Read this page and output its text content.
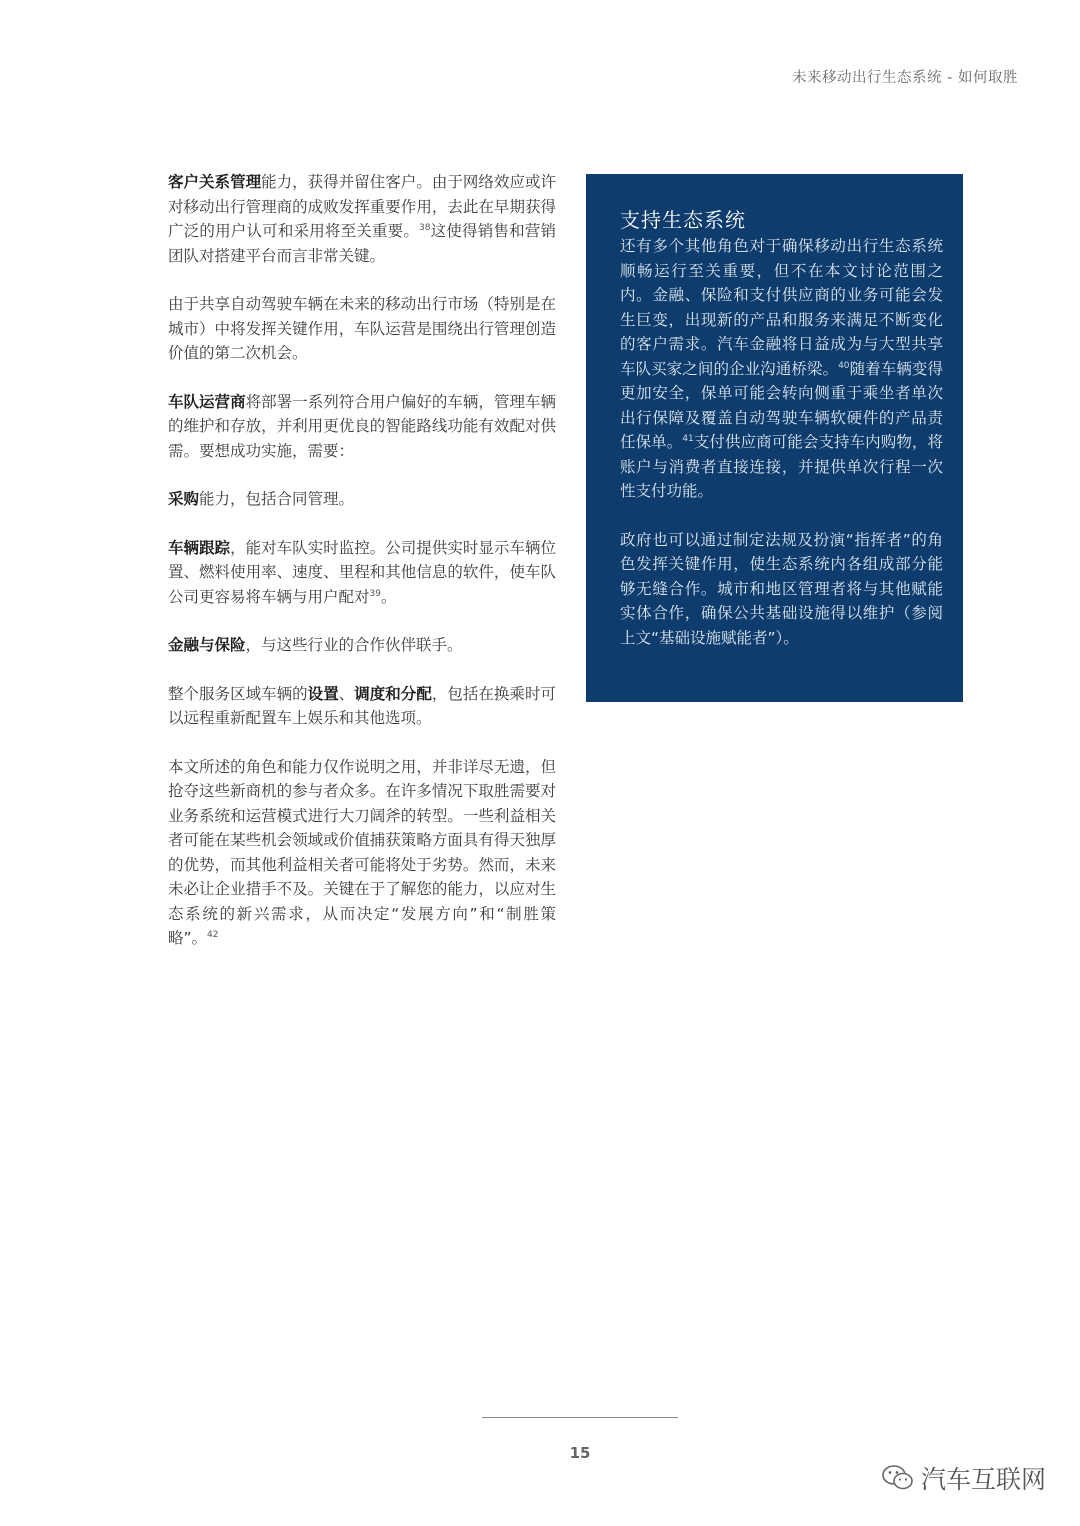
未来移动出行生态系统 - 如何取胜

客户关系管理能力，获得并留住客户。由于网络效应或许对移动出行管理商的成败发挥重要作用，去此在早期获得广泛的用户认可和采用将至关重要。$^{38}$这使得销售和营销团队对搭建平台而言非常关键。

由于共享自动驾驶车辆在未来的移动出行市场（特别是在城市）中将发挥关键作用，车队运营是围绕出行管理创造价值的第二次机会。

车队运营商将部署一系列符合用户偏好的车辆，管理车辆的维护和存放，并利用更优良的智能路线功能有效配对供需。要想成功实施，需要：

采购能力，包括合同管理。

车辆跟踪，能对车队实时监控。公司提供实时显示车辆位置、燃料使用率、速度、里程和其他信息的软件，使车队公司更容易将车辆与用户配对$^{39}$。

金融与保险，与这些行业的合作伙伴联手。

整个服务区域车辆的设置、调度和分配，包括在换乘时可以远程重新配置车上娱乐和其他选项。

本文所述的角色和能力仅作说明之用，并非详尽无遗，但抢夺这些新商机的参与者众多。在许多情况下取胜需要对业务系统和运营模式进行大刀阔斧的转型。一些利益相关者可能在某些机会领域或价值捕获策略方面具有得天独厚的优势，而其他利益相关者可能将处于劣势。然而，未来未必让企业措手不及。关键在于了解您的能力，以应对生态系统的新兴需求，从而决定“发展方向”和“制胜策略”。$^{42}$

支持生态系统

还有多个其他角色对于确保移动出行生态系统顺畅运行至关重要，但不在本文讨论范围之内。金融、保险和支付供应商的业务可能会发生巨变，出现新的产品和服务来满足不断变化的客户需求。汽车金融将日益成为与大型共享车队买家之间的企业沟通桥梁。$^{40}$随着车辆变得更加安全，保单可能会转向侧重于乘坐者单次出行保障及覆盖自动驾驶车辆软硬件的产品责任保单。$^{41}$支付供应商可能会支持车内购物，将账户与消费者直接连接，并提供单次行程一次性支付功能。

政府也可以通过制定法规及扮演“指挥者”的角色发挥关键作用，使生态系统内各组成部分能够无缝合作。城市和地区管理者将与其他赋能实体合作，确保公共基础设施得以维护（参阅上文“基础设施赋能者”）。

15
汽车互联网
